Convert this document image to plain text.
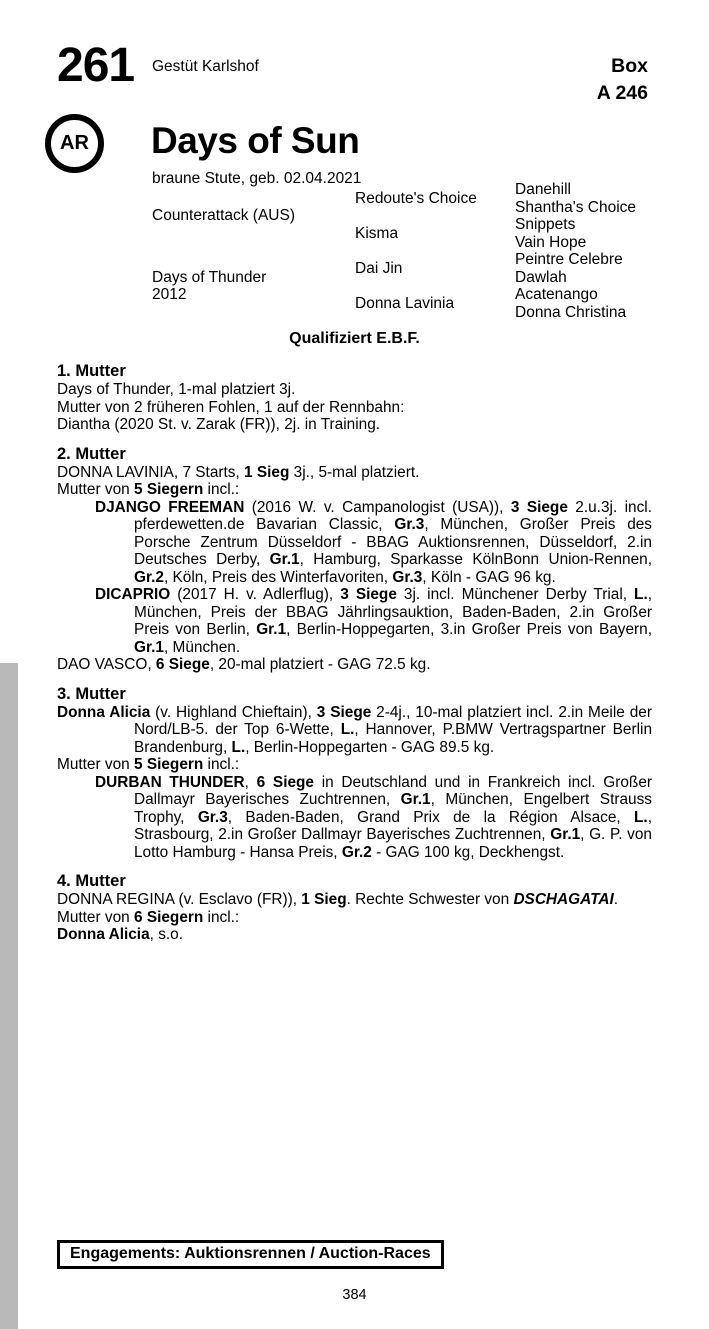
261 Gestüt Karlshof	Box
A 246
AR Days of Sun
braune Stute, geb. 02.04.2021
Counterattack (AUS)
Days of Thunder
2012
Redoute's Choice
Kisma
Dai Jin
Donna Lavinia
Danehill
Shantha's Choice
Snippets
Vain Hope
Peintre Celebre
Dawlah
Acatenango
Donna Christina
Qualifiziert E.B.F.
1. Mutter

Days of Thunder, 1-mal platziert 3j.

Mutter von 2 früheren Fohlen, 1 auf der Rennbahn:

Diantha (2020 St. v. Zarak (FR)), 2j. in Training.

2. Mutter

DONNA LAVINIA, 7 Starts, 1 Sieg 3j., 5-mal platziert.

Mutter von 5 Siegern incl.:

DJANGO FREEMAN (2016 W. v. Campanologist (USA)), 3 Siege 2.u.3j. incl. pferdewetten.de Bavarian Classic, Gr.3, München, Großer Preis des Porsche Zentrum Düsseldorf - BBAG Auktionsrennen, Düsseldorf, 2.in Deutsches Derby, Gr.1, Hamburg, Sparkasse KölnBonn Union-Rennen, Gr.2, Köln, Preis des Winterfavoriten, Gr.3, Köln - GAG 96 kg.

DICAPRIO (2017 H. v. Adlerflug), 3 Siege 3j. incl. Münchener Derby Trial, L., München, Preis der BBAG Jährlingsauktion, Baden-Baden, 2.in Großer Preis von Berlin, Gr.1, Berlin-Hoppegarten, 3.in Großer Preis von Bayern, Gr.1, München.

DAO VASCO, 6 Siege, 20-mal platziert - GAG 72.5 kg.

3. Mutter

Donna Alicia (v. Highland Chieftain), 3 Siege 2-4j., 10-mal platziert incl. 2.in Meile der Nord/LB-5. der Top 6-Wette, L., Hannover, P.BMW Vertragspartner Berlin Brandenburg, L., Berlin-Hoppegarten - GAG 89.5 kg.

Mutter von 5 Siegern incl.:

DURBAN THUNDER, 6 Siege in Deutschland und in Frankreich incl. Großer Dallmayr Bayerisches Zuchtrennen, Gr.1, München, Engelbert Strauss Trophy, Gr.3, Baden-Baden, Grand Prix de la Région Alsace, L., Strasbourg, 2.in Großer Dallmayr Bayerisches Zuchtrennen, Gr.1, G. P. von Lotto Hamburg - Hansa Preis, Gr.2 - GAG 100 kg, Deckhengst.

4. Mutter

DONNA REGINA (v. Esclavo (FR)), 1 Sieg. Rechte Schwester von DSCHAGATAI.

Mutter von 6 Siegern incl.:

Donna Alicia, s.o.

Engagements: Auktionsrennen / Auction-Races
384
